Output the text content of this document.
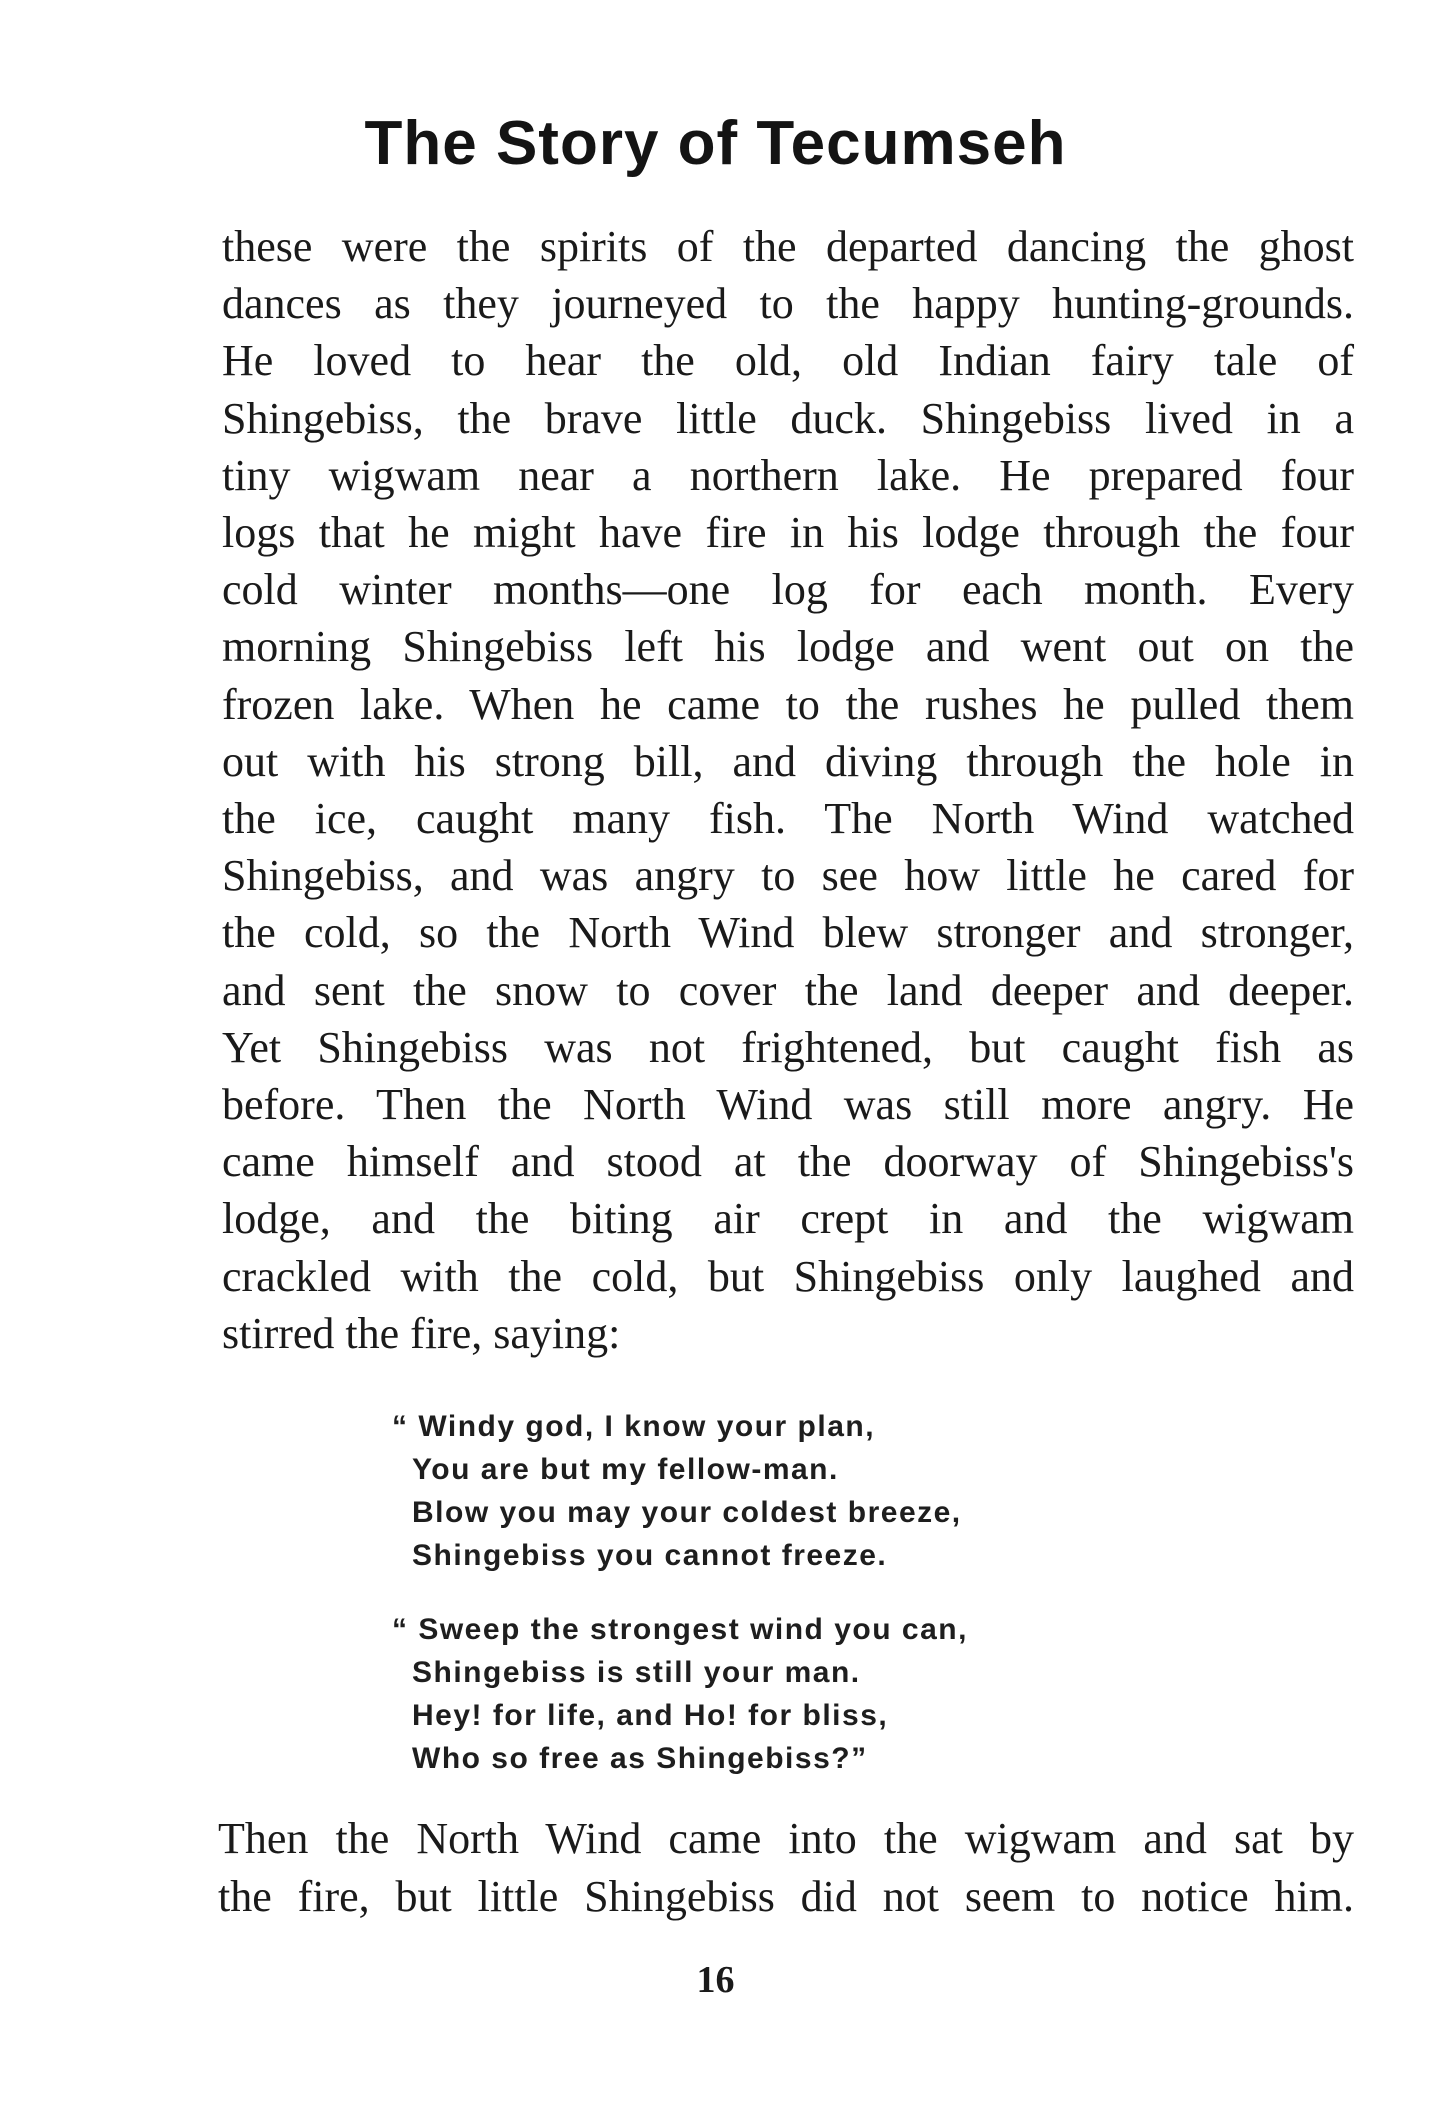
The Story of Tecumseh
these were the spirits of the departed dancing the ghost
dances as they journeyed to the happy hunting-grounds.
He loved to hear the old, old Indian fairy tale of
Shingebiss, the brave little duck. Shingebiss lived in a
tiny wigwam near a northern lake. He prepared four
logs that he might have fire in his lodge through the four
cold winter months—one log for each month. Every
morning Shingebiss left his lodge and went out on the
frozen lake. When he came to the rushes he pulled them
out with his strong bill, and diving through the hole in
the ice, caught many fish. The North Wind watched
Shingebiss, and was angry to see how little he cared for
the cold, so the North Wind blew stronger and stronger,
and sent the snow to cover the land deeper and deeper.
Yet Shingebiss was not frightened, but caught fish as
before. Then the North Wind was still more angry. He
came himself and stood at the doorway of Shingebiss's
lodge, and the biting air crept in and the wigwam
crackled with the cold, but Shingebiss only laughed and
stirred the fire, saying:
“ Windy god, I know your plan,
You are but my fellow-man.
Blow you may your coldest breeze,
Shingebiss you cannot freeze.
“ Sweep the strongest wind you can,
Shingebiss is still your man.
Hey! for life, and Ho! for bliss,
Who so free as Shingebiss?”
Then the North Wind came into the wigwam and sat by
the fire, but little Shingebiss did not seem to notice him.
16
